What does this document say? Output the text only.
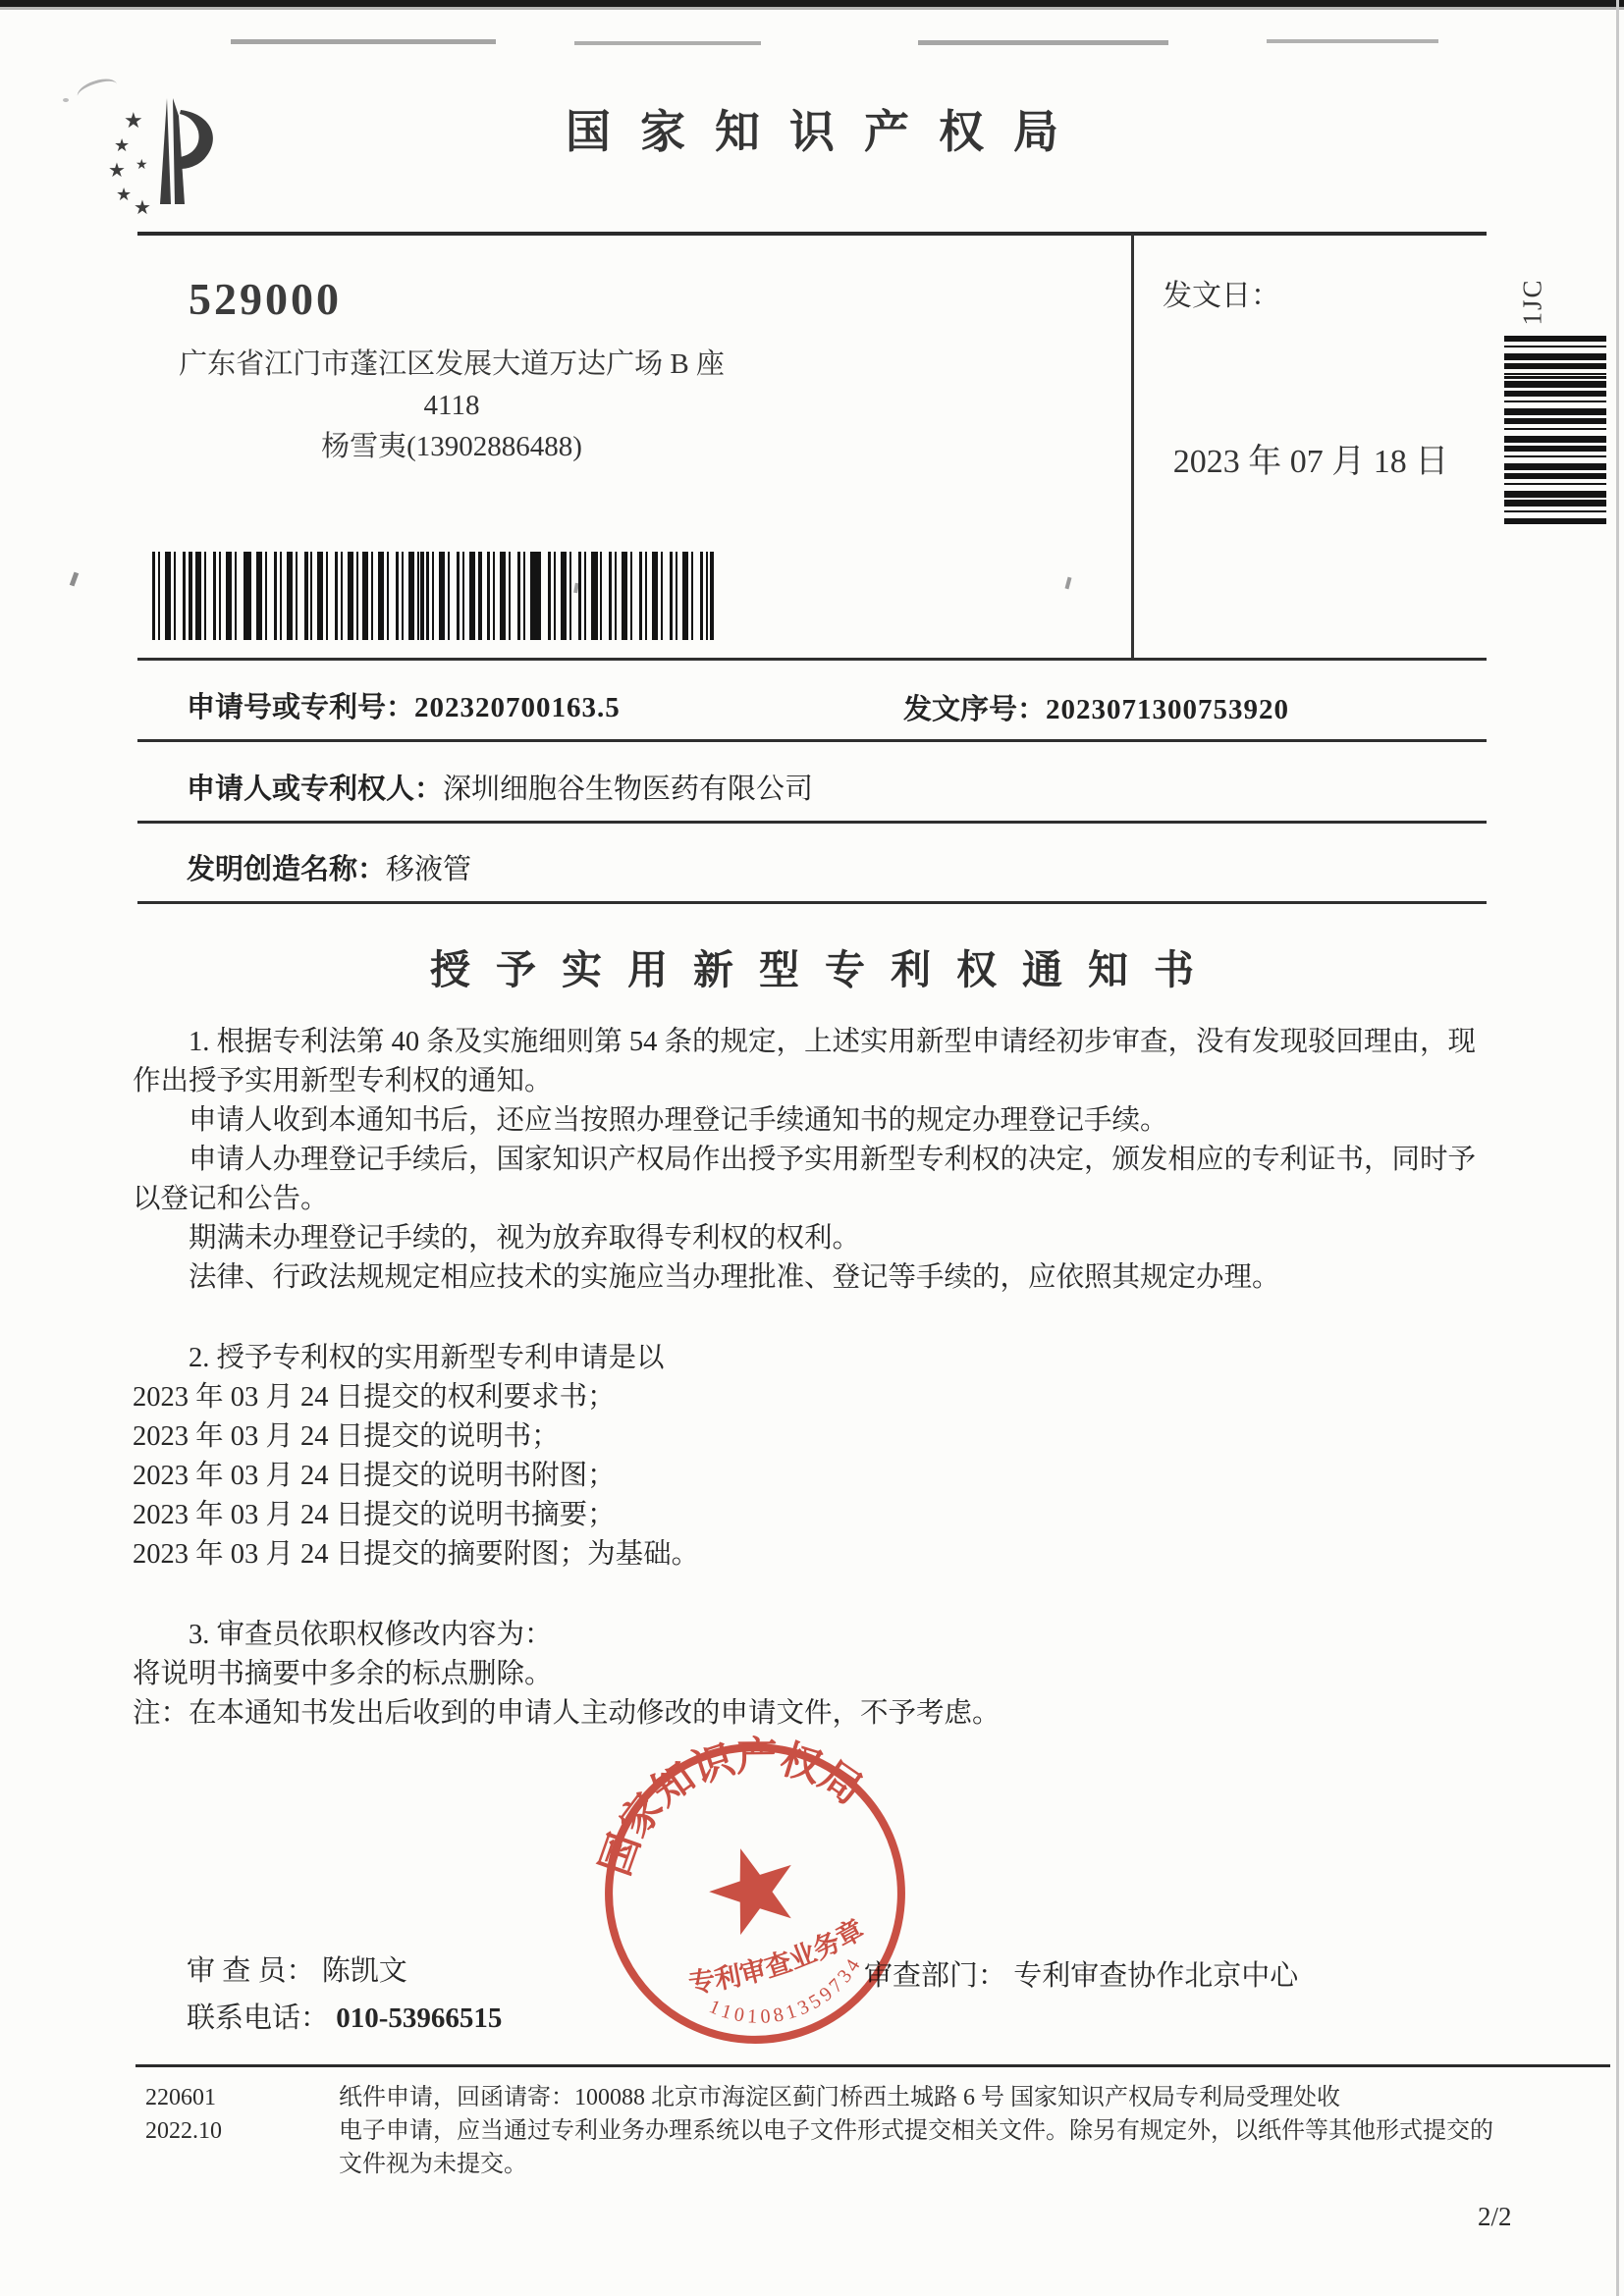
★
★
★
★
★
★
国家知识产权局
529000
广东省江门市蓬江区发展大道万达广场 B 座 4118
杨雪夷(13902886488)
发文日：
2023 年 07 月 18 日
1JC
申请号或专利号：202320700163.5	发文序号：2023071300753920
申请人或专利权人：深圳细胞谷生物医药有限公司
发明创造名称：移液管
授予实用新型专利权通知书

1. 根据专利法第 40 条及实施细则第 54 条的规定，上述实用新型申请经初步审查，没有发现驳回理由，现作出授予实用新型专利权的通知。

申请人收到本通知书后，还应当按照办理登记手续通知书的规定办理登记手续。

申请人办理登记手续后，国家知识产权局作出授予实用新型专利权的决定，颁发相应的专利证书，同时予以登记和公告。

期满未办理登记手续的，视为放弃取得专利权的权利。

法律、行政法规规定相应技术的实施应当办理批准、登记等手续的，应依照其规定办理。

2. 授予专利权的实用新型专利申请是以

2023 年 03 月 24 日提交的权利要求书；

2023 年 03 月 24 日提交的说明书；

2023 年 03 月 24 日提交的说明书附图；

2023 年 03 月 24 日提交的说明书摘要；

2023 年 03 月 24 日提交的摘要附图；为基础。

3. 审查员依职权修改内容为：

将说明书摘要中多余的标点删除。

注：在本通知书发出后收到的申请人主动修改的申请文件，不予考虑。

审 查 员： 陈凯文
联系电话： 010-53966515
审查部门： 专利审查协作北京中心
国家知识产权局
专利审查业务章
1101081359734
220601
2022.10
纸件申请，回函请寄：100088 北京市海淀区蓟门桥西土城路 6 号 国家知识产权局专利局受理处收
电子申请，应当通过专利业务办理系统以电子文件形式提交相关文件。除另有规定外，以纸件等其他形式提交的
文件视为未提交。
2/2
